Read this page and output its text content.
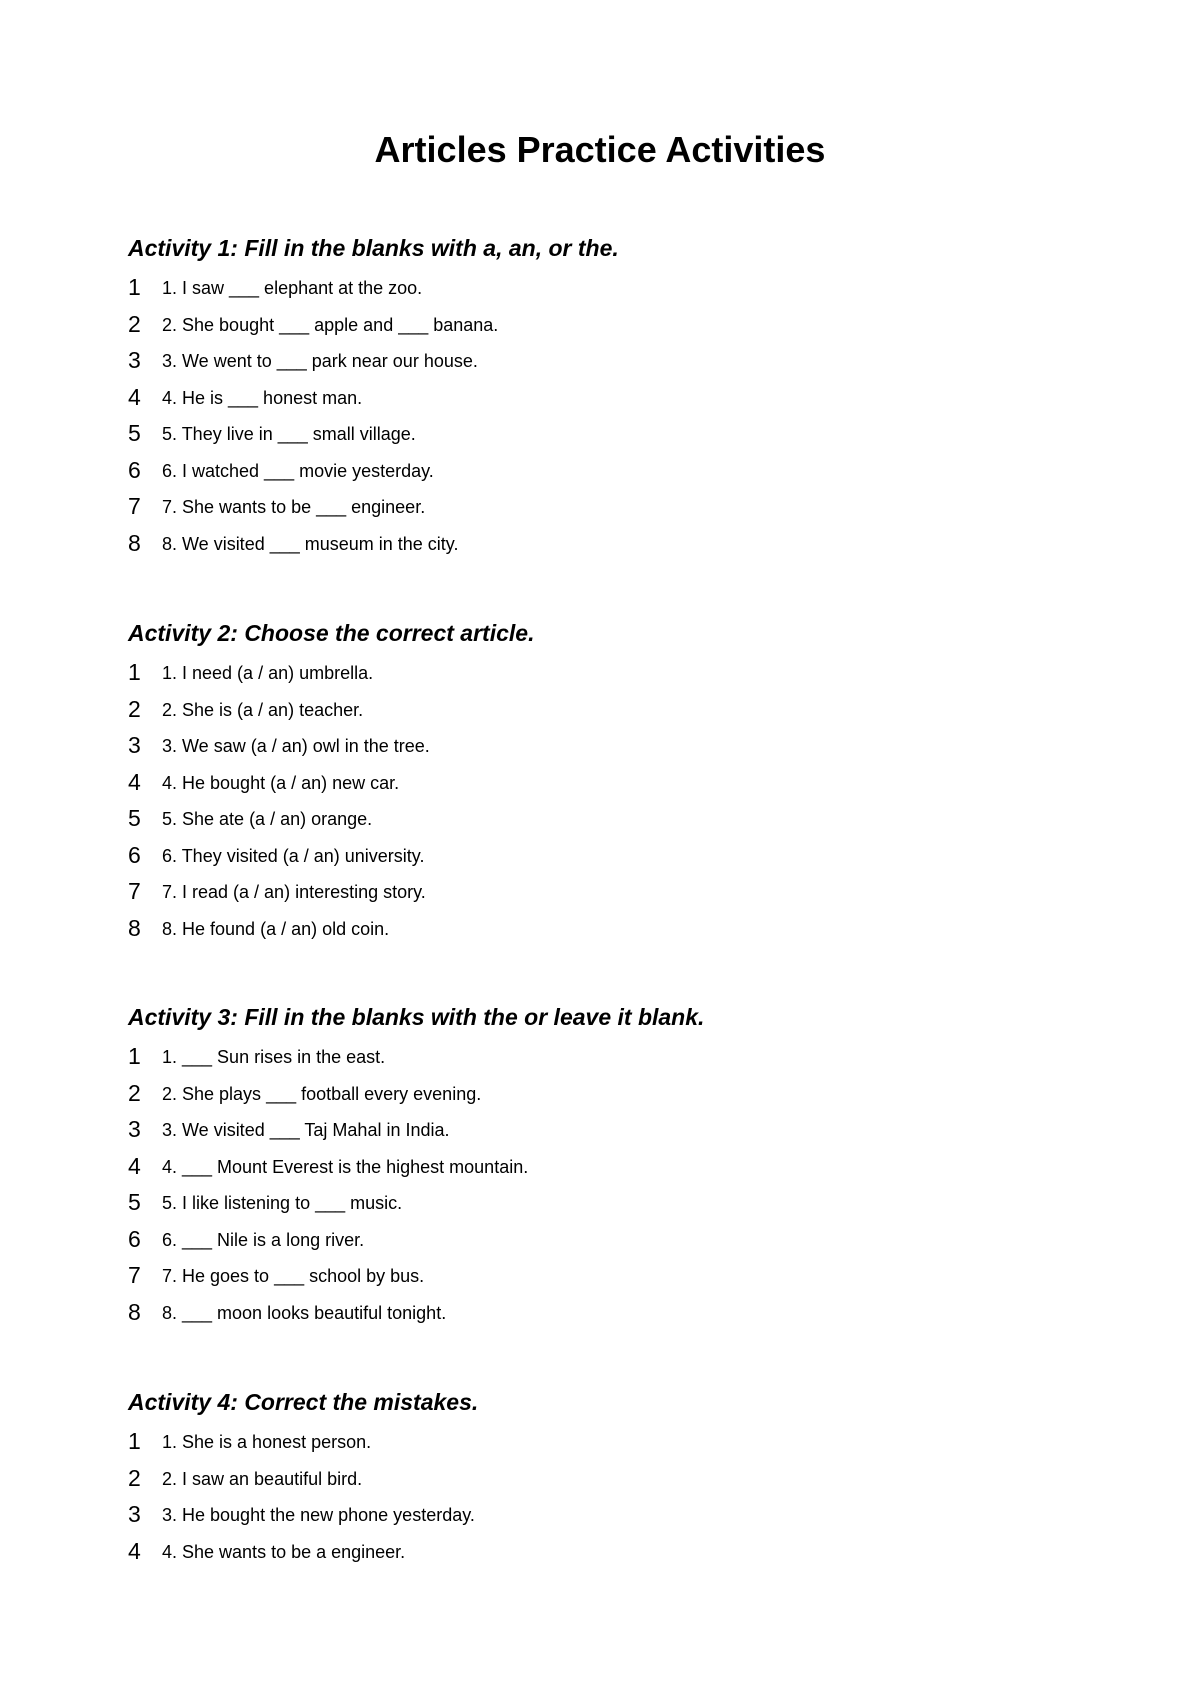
Articles Practice Activities
Activity 1: Fill in the blanks with a, an, or the.
1 1. I saw ___ elephant at the zoo.
2 2. She bought ___ apple and ___ banana.
3 3. We went to ___ park near our house.
4 4. He is ___ honest man.
5 5. They live in ___ small village.
6 6. I watched ___ movie yesterday.
7 7. She wants to be ___ engineer.
8 8. We visited ___ museum in the city.
Activity 2: Choose the correct article.
1 1. I need (a / an) umbrella.
2 2. She is (a / an) teacher.
3 3. We saw (a / an) owl in the tree.
4 4. He bought (a / an) new car.
5 5. She ate (a / an) orange.
6 6. They visited (a / an) university.
7 7. I read (a / an) interesting story.
8 8. He found (a / an) old coin.
Activity 3: Fill in the blanks with the or leave it blank.
1 1. ___ Sun rises in the east.
2 2. She plays ___ football every evening.
3 3. We visited ___ Taj Mahal in India.
4 4. ___ Mount Everest is the highest mountain.
5 5. I like listening to ___ music.
6 6. ___ Nile is a long river.
7 7. He goes to ___ school by bus.
8 8. ___ moon looks beautiful tonight.
Activity 4: Correct the mistakes.
1 1. She is a honest person.
2 2. I saw an beautiful bird.
3 3. He bought the new phone yesterday.
4 4. She wants to be a engineer.
